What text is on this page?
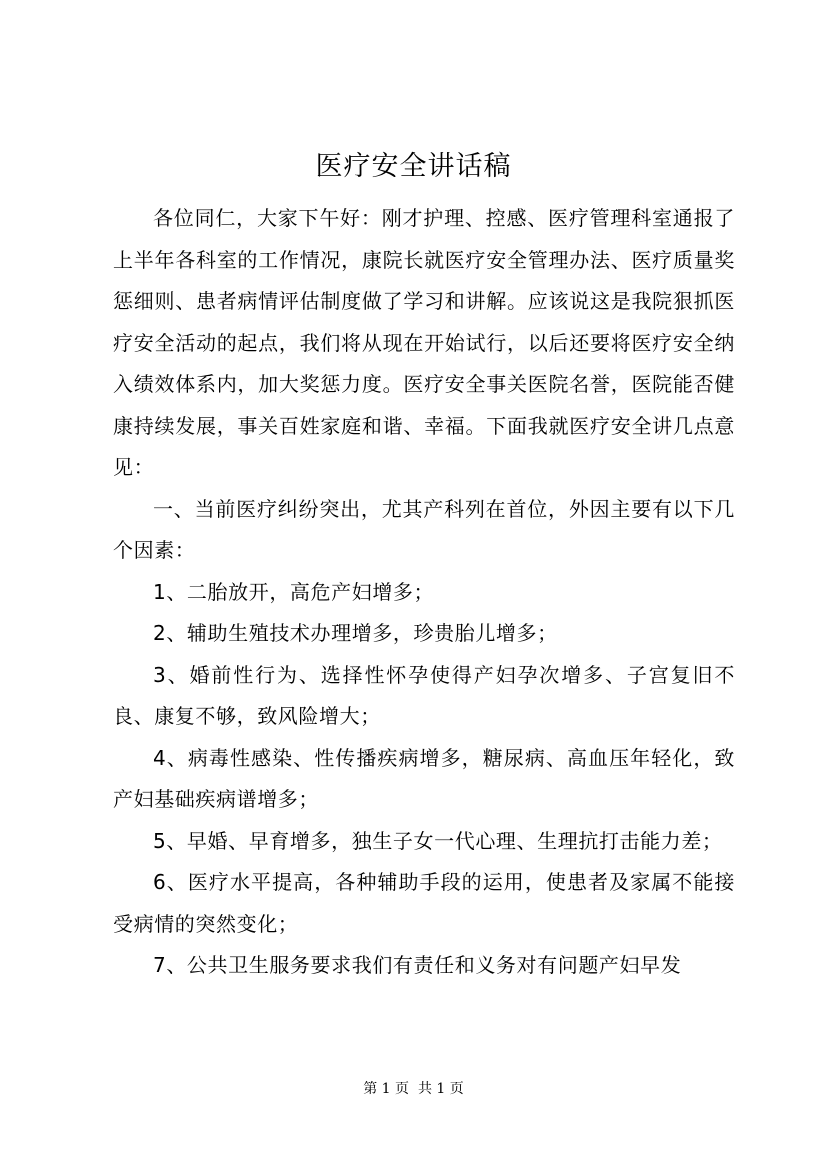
医疗安全讲话稿

各位同仁，大家下午好：刚才护理、控感、医疗管理科室通报了上半年各科室的工作情况，康院长就医疗安全管理办法、医疗质量奖惩细则、患者病情评估制度做了学习和讲解。应该说这是我院狠抓医疗安全活动的起点，我们将从现在开始试行，以后还要将医疗安全纳入绩效体系内，加大奖惩力度。医疗安全事关医院名誉，医院能否健康持续发展，事关百姓家庭和谐、幸福。下面我就医疗安全讲几点意见：

一、当前医疗纠纷突出，尤其产科列在首位，外因主要有以下几个因素：

1、二胎放开，高危产妇增多；

2、辅助生殖技术办理增多，珍贵胎儿增多；

3、婚前性行为、选择性怀孕使得产妇孕次增多、子宫复旧不良、康复不够，致风险增大；

4、病毒性感染、性传播疾病增多，糖尿病、高血压年轻化，致产妇基础疾病谱增多；

5、早婚、早育增多，独生子女一代心理、生理抗打击能力差；

6、医疗水平提高，各种辅助手段的运用，使患者及家属不能接受病情的突然变化；

7、公共卫生服务要求我们有责任和义务对有问题产妇早发

第 1 页  共 1 页
